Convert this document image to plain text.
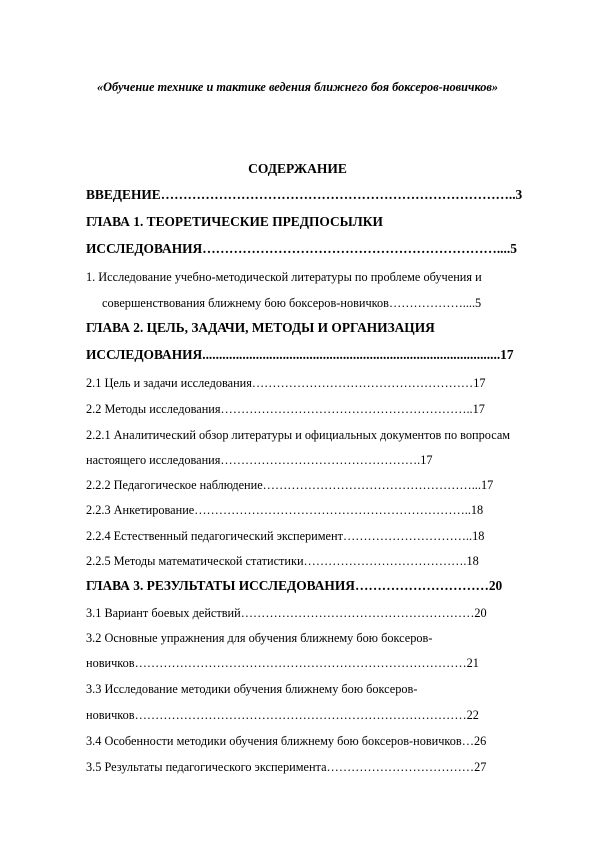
«Обучение технике и тактике ведения ближнего боя боксеров-новичков»
СОДЕРЖАНИЕ
ВВЕДЕНИЕ……………………………………………………………………..3
ГЛАВА 1. ТЕОРЕТИЧЕСКИЕ ПРЕДПОСЫЛКИ
ИССЛЕДОВАНИЯ…………………………………………………………....5
1. Исследование учебно-методической литературы по проблеме обучения и
совершенствования ближнему бою боксеров-новичков………………....5
ГЛАВА 2. ЦЕЛЬ, ЗАДАЧИ, МЕТОДЫ И ОРГАНИЗАЦИЯ
ИССЛЕДОВАНИЯ.........................................................................................17
2.1 Цель и задачи исследования………………………………………………17
2.2 Методы исследования……………………………………………………..17
2.2.1 Аналитический обзор литературы и официальных документов по вопросам
настоящего исследования………………………………………….17
2.2.2 Педагогическое наблюдение……………………………………………...17
2.2.3 Анкетирование…………………………………………………………..18
2.2.4 Естественный педагогический эксперимент…………………………..18
2.2.5 Методы математической статистики………………………………….18
ГЛАВА 3. РЕЗУЛЬТАТЫ ИССЛЕДОВАНИЯ…………………………20
3.1 Вариант боевых действий…………………………………………………20
3.2 Основные упражнения для обучения ближнему бою боксеров-
новичков………………………………………………………………………21
3.3 Исследование методики обучения ближнему бою боксеров-
новичков………………………………………………………………………22
3.4 Особенности методики обучения ближнему бою боксеров-новичков…26
3.5 Результаты педагогического эксперимента………………………………27
